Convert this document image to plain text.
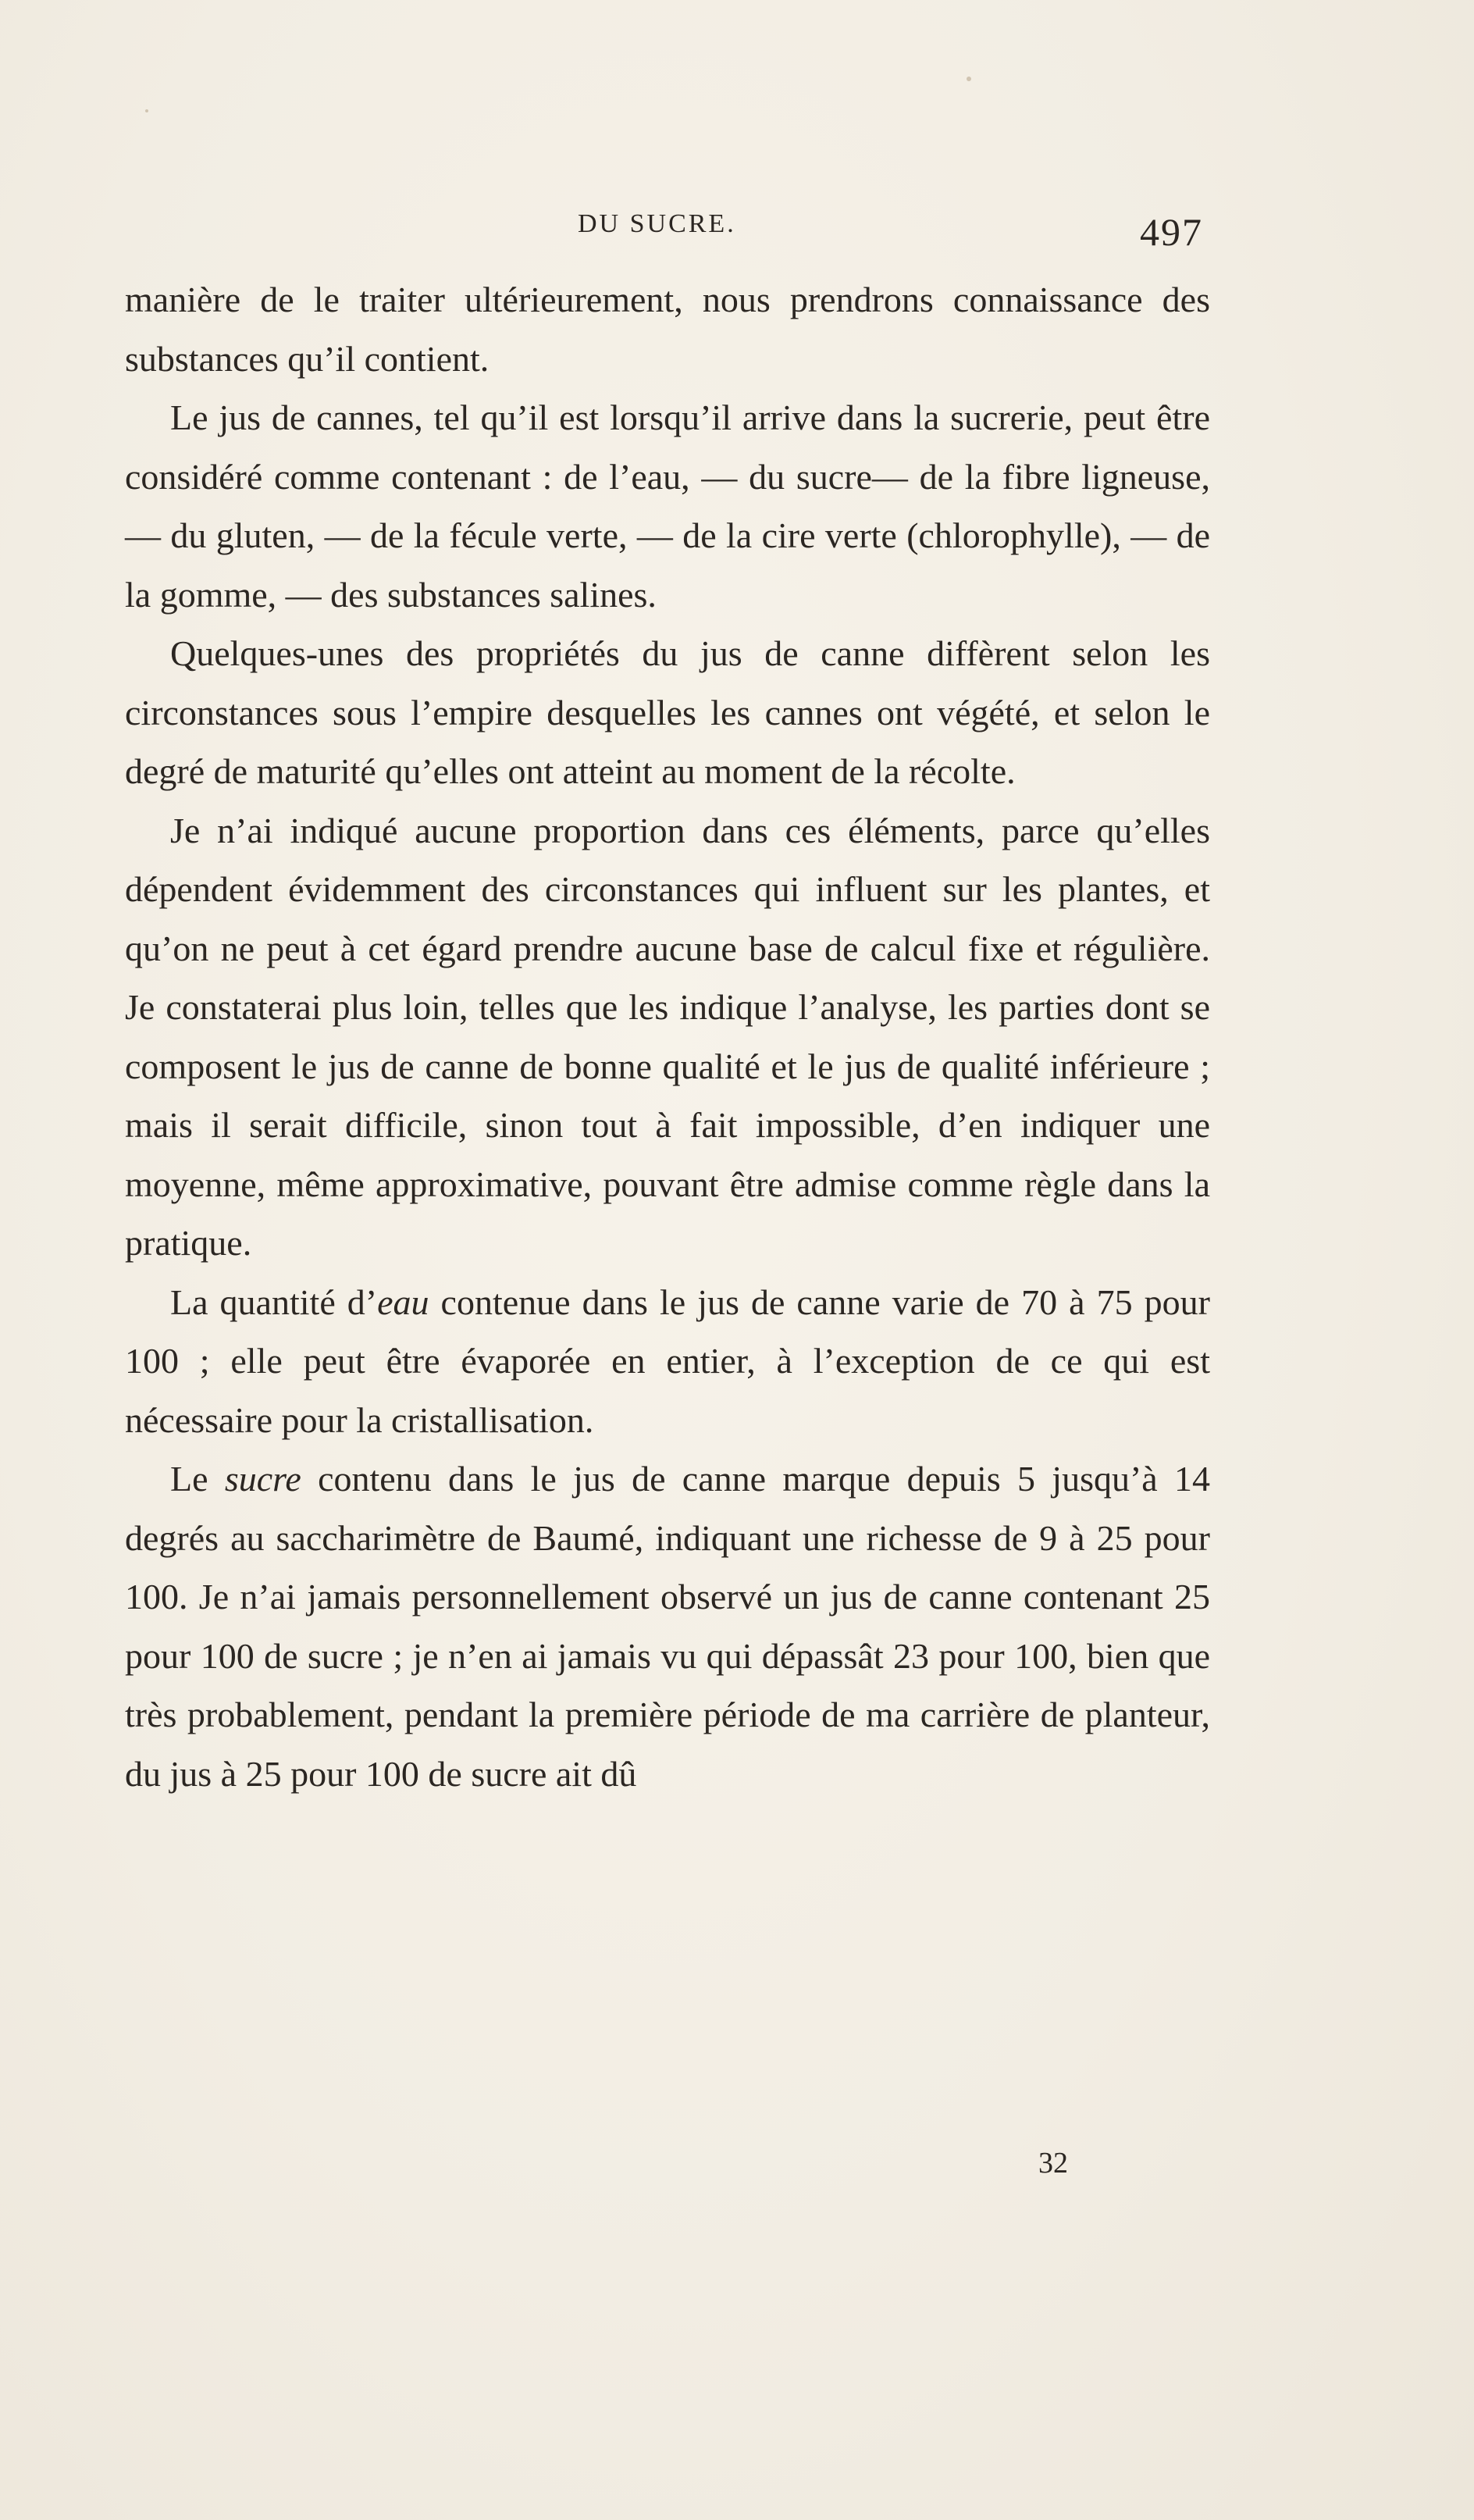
DU SUCRE.	497

manière de le traiter ultérieurement, nous prendrons connaissance des substances qu’il contient.

Le jus de cannes, tel qu’il est lorsqu’il arrive dans la sucrerie, peut être considéré comme contenant : de l’eau, — du sucre— de la fibre ligneuse, — du gluten, — de la fécule verte, — de la cire verte (chlorophylle), — de la gomme, — des substances salines.

Quelques-unes des propriétés du jus de canne diffèrent selon les circonstances sous l’empire desquelles les cannes ont végété, et selon le degré de maturité qu’elles ont atteint au moment de la récolte.

Je n’ai indiqué aucune proportion dans ces éléments, parce qu’elles dépendent évidemment des circonstances qui influent sur les plantes, et qu’on ne peut à cet égard prendre aucune base de calcul fixe et régulière. Je constaterai plus loin, telles que les indique l’analyse, les parties dont se composent le jus de canne de bonne qualité et le jus de qualité inférieure ; mais il serait difficile, sinon tout à fait impossible, d’en indiquer une moyenne, même approximative, pouvant être admise comme règle dans la pratique.

La quantité d’eau contenue dans le jus de canne varie de 70 à 75 pour 100 ; elle peut être évaporée en entier, à l’exception de ce qui est nécessaire pour la cristallisation.

Le sucre contenu dans le jus de canne marque depuis 5 jusqu’à 14 degrés au saccharimètre de Baumé, indiquant une richesse de 9 à 25 pour 100. Je n’ai jamais personnellement observé un jus de canne contenant 25 pour 100 de sucre ; je n’en ai jamais vu qui dépassât 23 pour 100, bien que très probablement, pendant la première période de ma carrière de planteur, du jus à 25 pour 100 de sucre ait dû

32
